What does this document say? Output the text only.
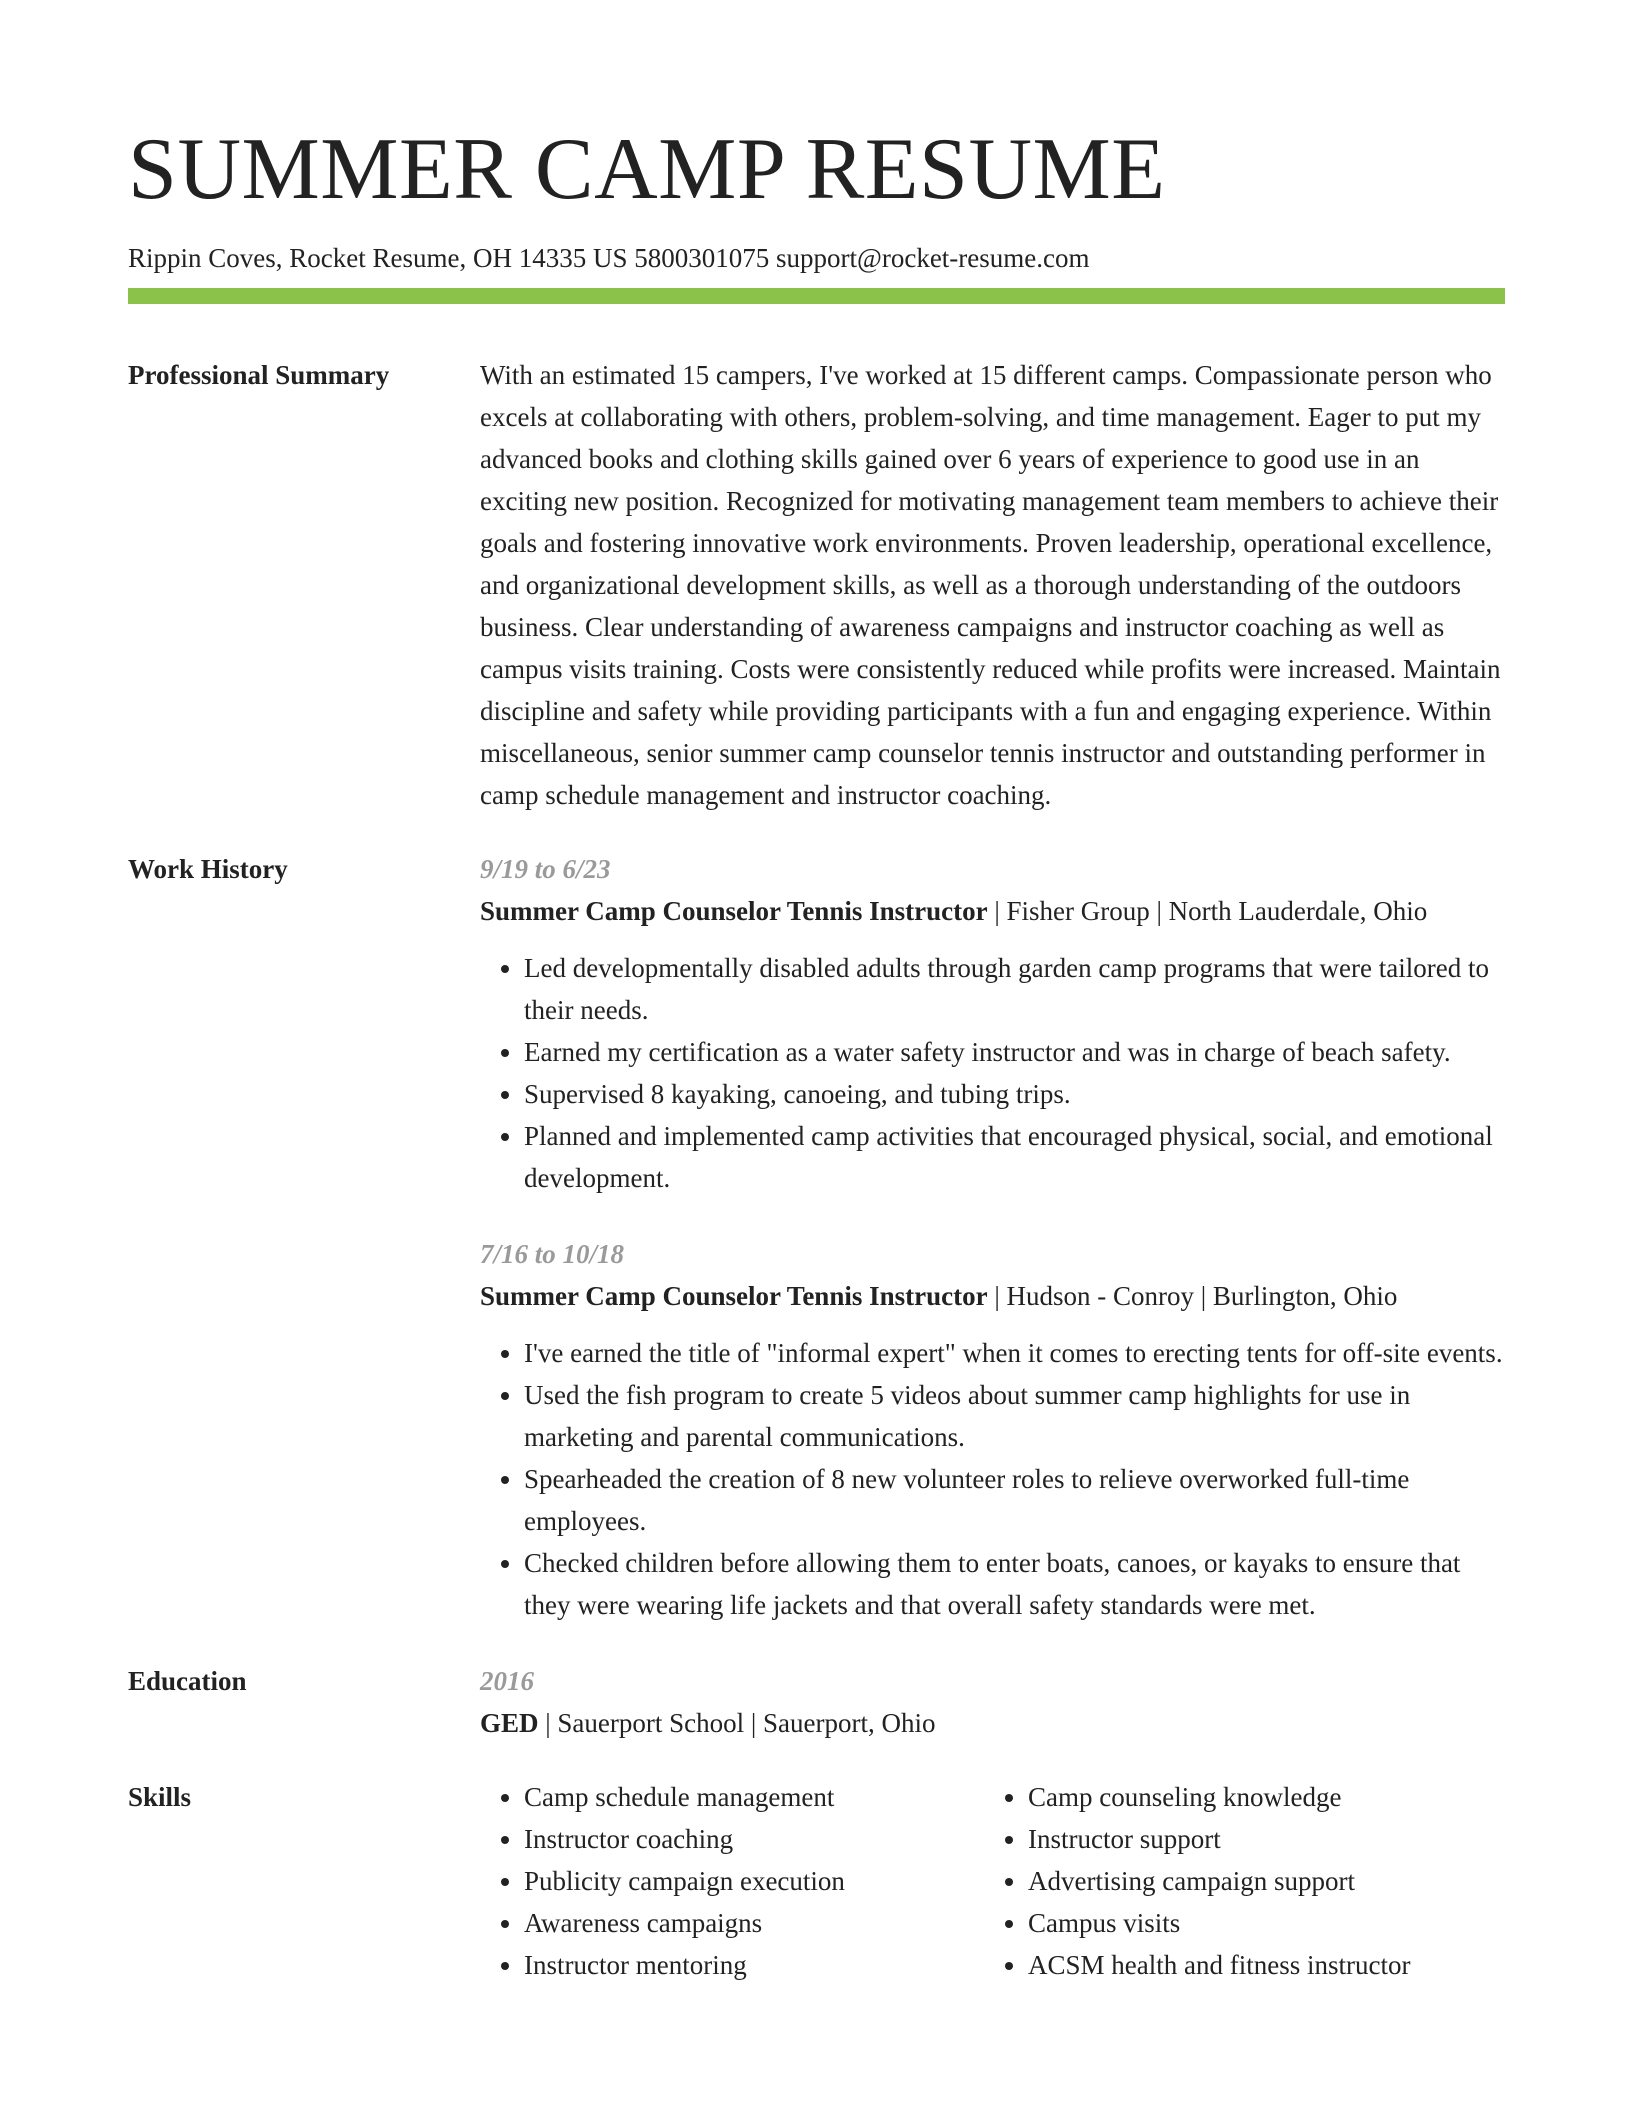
SUMMER CAMP RESUME
Rippin Coves, Rocket Resume, OH 14335 US 5800301075 support@rocket-resume.com
Professional Summary	With an estimated 15 campers, I've worked at 15 different camps. Compassionate person who excels at collaborating with others, problem-solving, and time management. Eager to put my advanced books and clothing skills gained over 6 years of experience to good use in an exciting new position. Recognized for motivating management team members to achieve their goals and fostering innovative work environments. Proven leadership, operational excellence, and organizational development skills, as well as a thorough understanding of the outdoors business. Clear understanding of awareness campaigns and instructor coaching as well as campus visits training. Costs were consistently reduced while profits were increased. Maintain discipline and safety while providing participants with a fun and engaging experience. Within miscellaneous, senior summer camp counselor tennis instructor and outstanding performer in camp schedule management and instructor coaching.
Work History	9/19 to 6/23
Summer Camp Counselor Tennis Instructor | Fisher Group | North Lauderdale, Ohio
• Led developmentally disabled adults through garden camp programs that were tailored to their needs.
• Earned my certification as a water safety instructor and was in charge of beach safety.
• Supervised 8 kayaking, canoeing, and tubing trips.
• Planned and implemented camp activities that encouraged physical, social, and emotional development.
7/16 to 10/18
Summer Camp Counselor Tennis Instructor | Hudson - Conroy | Burlington, Ohio
• I've earned the title of "informal expert" when it comes to erecting tents for off-site events.
• Used the fish program to create 5 videos about summer camp highlights for use in marketing and parental communications.
• Spearheaded the creation of 8 new volunteer roles to relieve overworked full-time employees.
• Checked children before allowing them to enter boats, canoes, or kayaks to ensure that they were wearing life jackets and that overall safety standards were met.
Education	2016
GED | Sauerport School | Sauerport, Ohio
Skills
•	Camp schedule management
• Instructor coaching
• Publicity campaign execution
• Awareness campaigns
• Instructor mentoring
• Camp counseling knowledge
• Instructor support
• Advertising campaign support
• Campus visits
• ACSM health and fitness instructor
